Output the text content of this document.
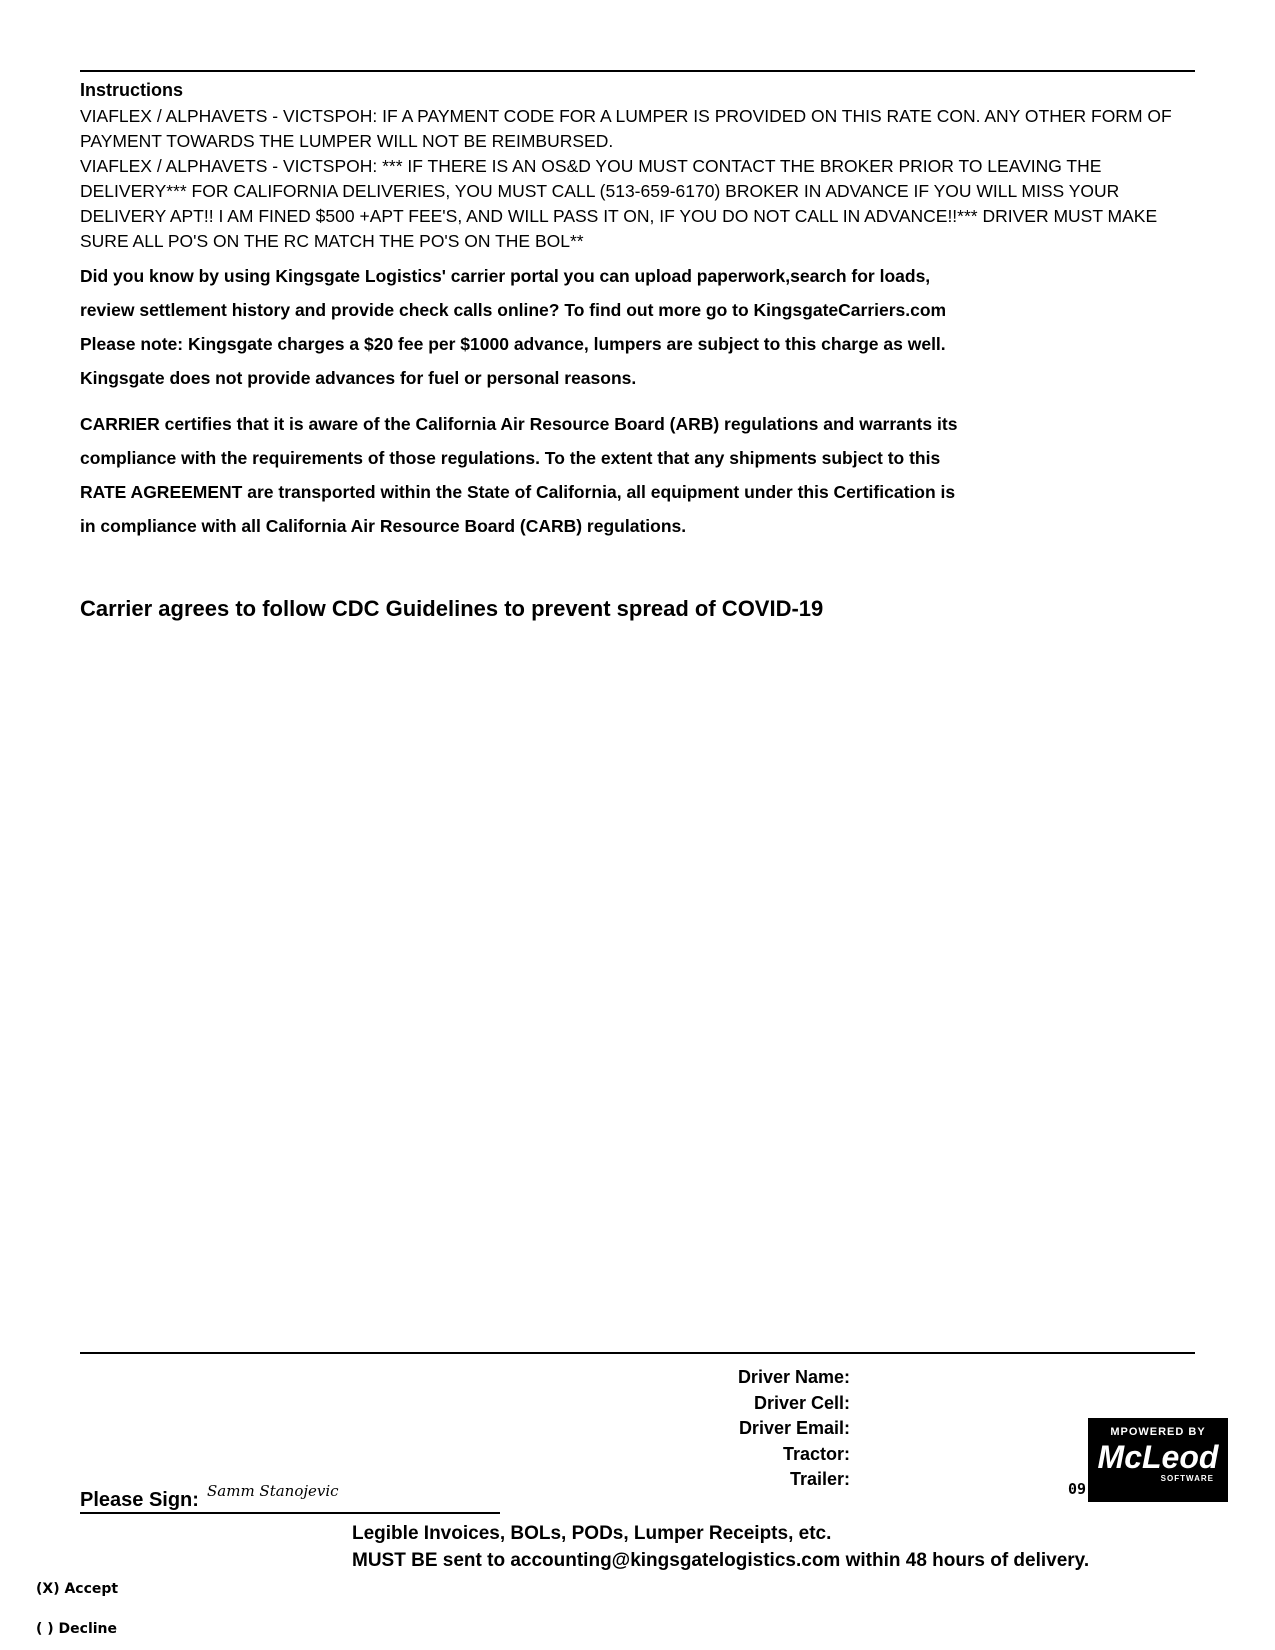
Instructions

VIAFLEX / ALPHAVETS - VICTSPOH: IF A PAYMENT CODE FOR A LUMPER IS PROVIDED ON THIS RATE CON. ANY OTHER FORM OF PAYMENT TOWARDS THE LUMPER WILL NOT BE REIMBURSED.

VIAFLEX / ALPHAVETS - VICTSPOH: *** IF THERE IS AN OS&D YOU MUST CONTACT THE BROKER PRIOR TO LEAVING THE DELIVERY*** FOR CALIFORNIA DELIVERIES, YOU MUST CALL (513-659-6170) BROKER IN ADVANCE IF YOU WILL MISS YOUR DELIVERY APT!! I AM FINED $500 +APT FEE'S, AND WILL PASS IT ON, IF YOU DO NOT CALL IN ADVANCE!!*** DRIVER MUST MAKE SURE ALL PO'S ON THE RC MATCH THE PO'S ON THE BOL**

Did you know by using Kingsgate Logistics' carrier portal you can upload paperwork,search for loads,

review settlement history and provide check calls online? To find out more go to KingsgateCarriers.com

Please note: Kingsgate charges a $20 fee per $1000 advance, lumpers are subject to this charge as well.

Kingsgate does not provide advances for fuel or personal reasons.

CARRIER certifies that it is aware of the California Air Resource Board (ARB) regulations and warrants its

compliance with the requirements of those regulations. To the extent that any shipments subject to this

RATE AGREEMENT are transported within the State of California, all equipment under this Certification is

in compliance with all California Air Resource Board (CARB) regulations.

Carrier agrees to follow CDC Guidelines to prevent spread of COVID-19
Driver Name:
Driver Cell:
Driver Email:
Tractor:
Trailer:	09
MPOWERED BY
McLeod
SOFTWARE
Please Sign: Samm Stanojevic
Legible Invoices, BOLs, PODs, Lumper Receipts, etc.
MUST BE sent to accounting@kingsgatelogistics.com within 48 hours of delivery.
(X) Accept
( ) Decline
